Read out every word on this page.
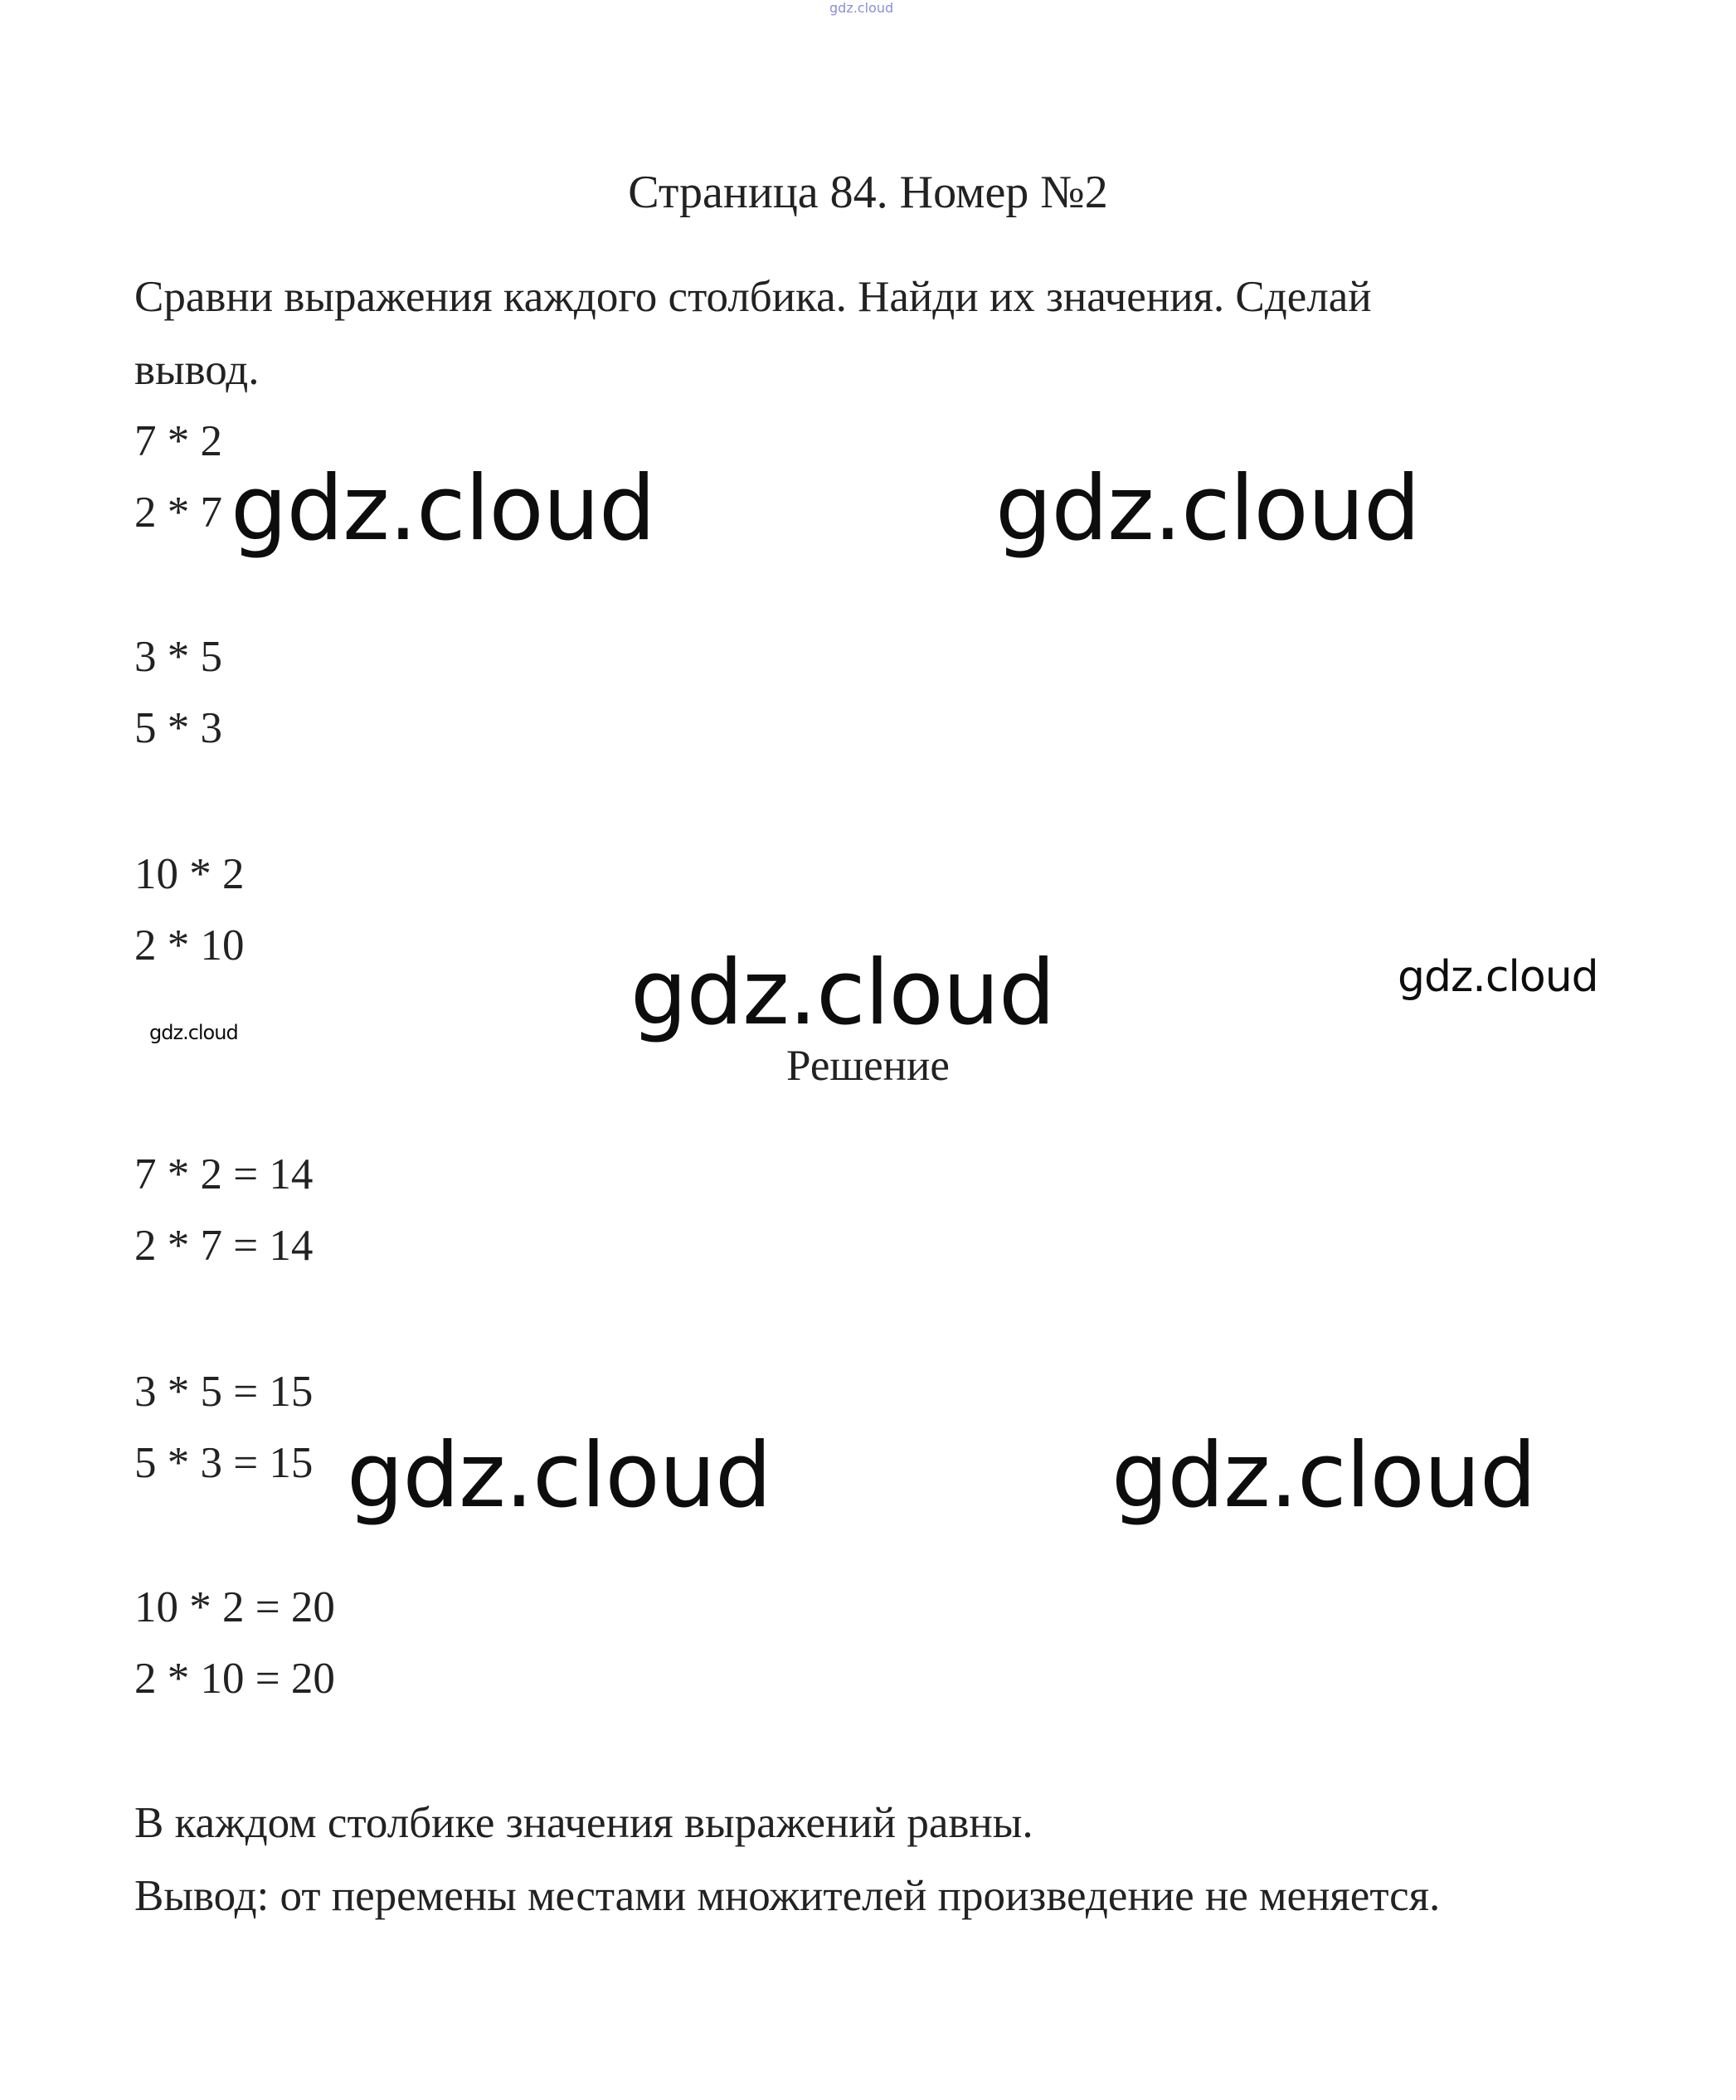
gdz.cloud
Страница 84. Номер №2
Сравни выражения каждого столбика. Найди их значения. Сделай
вывод.
7 * 2
2 * 7
3 * 5
5 * 3
10 * 2
2 * 10
Решение
7 * 2 = 14
2 * 7 = 14
3 * 5 = 15
5 * 3 = 15
10 * 2 = 20
2 * 10 = 20
В каждом столбике значения выражений равны.
Вывод: от перемены местами множителей произведение не меняется.
gdz.cloud	gdz.cloud
gdz.cloud	gdz.cloud
gdz.cloud
gdz.cloud	gdz.cloud
